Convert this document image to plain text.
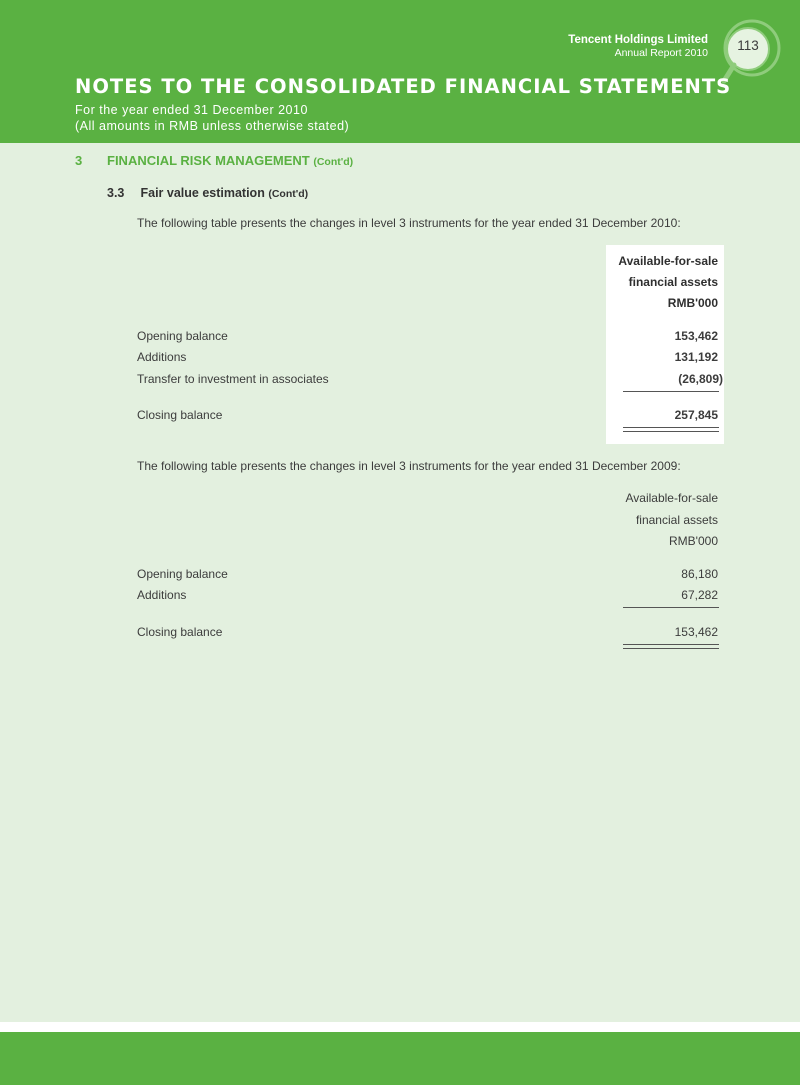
Tencent Holdings Limited
Annual Report 2010	113
NOTES TO THE CONSOLIDATED FINANCIAL STATEMENTS
For the year ended 31 December 2010
(All amounts in RMB unless otherwise stated)
3 FINANCIAL RISK MANAGEMENT (Cont'd)
3.3 Fair value estimation (Cont'd)
The following table presents the changes in level 3 instruments for the year ended 31 December 2010:
Available-for-sale
financial assets
RMB'000
Opening balance	153,462
Additions	131,192
Transfer to investment in associates	(26,809)
Closing balance	257,845
The following table presents the changes in level 3 instruments for the year ended 31 December 2009:
Available-for-sale
financial assets
RMB'000
Opening balance	86,180
Additions	67,282
Closing balance	153,462
